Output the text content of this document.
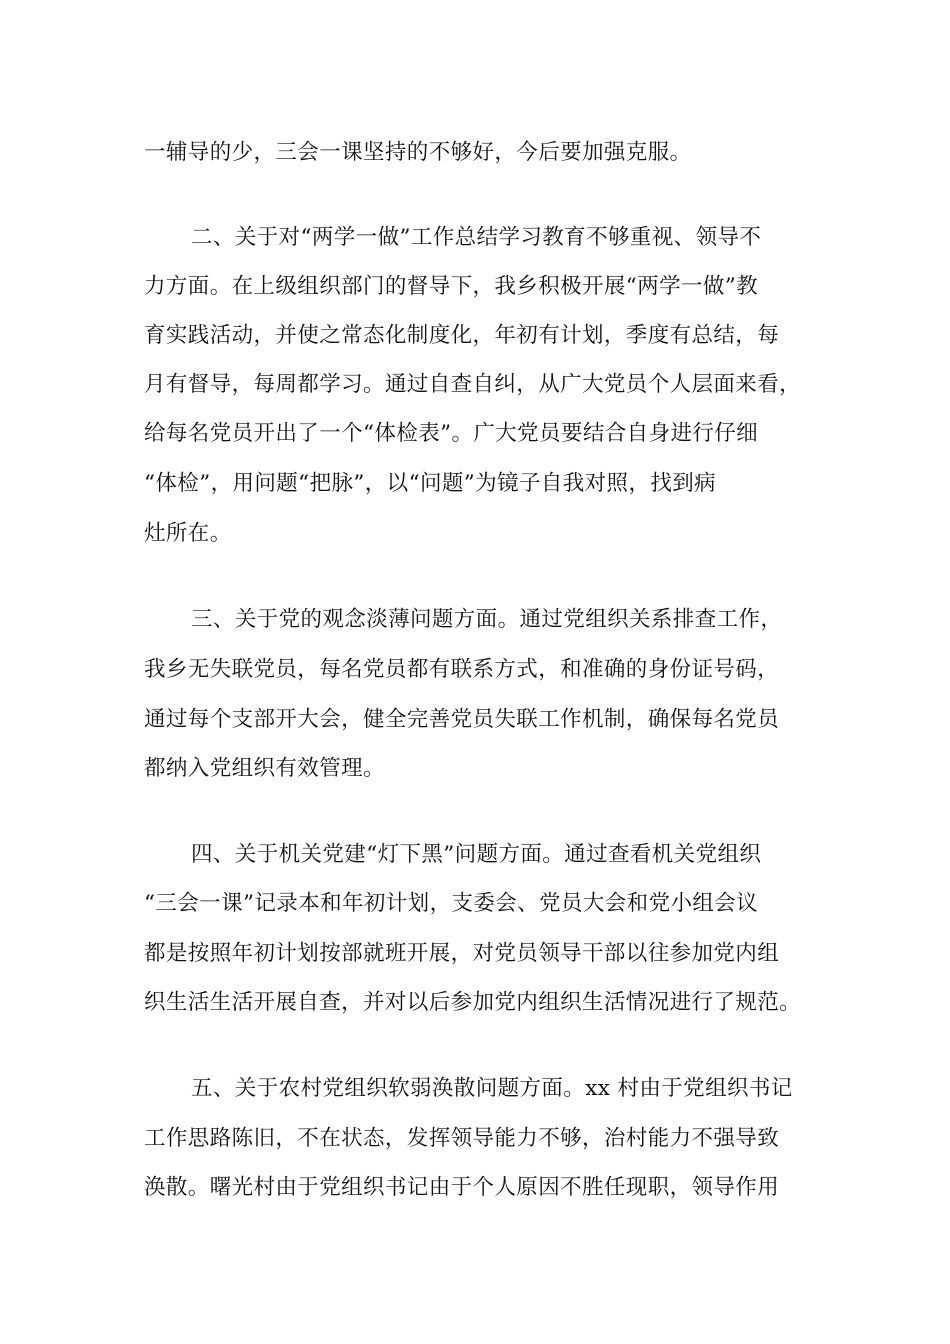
一辅导的少，三会一课坚持的不够好，今后要加强克服。
二、关于对“两学一做”工作总结学习教育不够重视、领导不
力方面。在上级组织部门的督导下，我乡积极开展“两学一做”教
育实践活动，并使之常态化制度化，年初有计划，季度有总结，每
月有督导，每周都学习。通过自查自纠，从广大党员个人层面来看，
给每名党员开出了一个“体检表”。广大党员要结合自身进行仔细
“体检”，用问题“把脉”，以“问题”为镜子自我对照，找到病
灶所在。
三、关于党的观念淡薄问题方面。通过党组织关系排查工作，
我乡无失联党员，每名党员都有联系方式，和准确的身份证号码，
通过每个支部开大会，健全完善党员失联工作机制，确保每名党员
都纳入党组织有效管理。
四、关于机关党建“灯下黑”问题方面。通过查看机关党组织
“三会一课”记录本和年初计划，支委会、党员大会和党小组会议
都是按照年初计划按部就班开展，对党员领导干部以往参加党内组
织生活生活开展自查，并对以后参加党内组织生活情况进行了规范。
五、关于农村党组织软弱涣散问题方面。xx 村由于党组织书记
工作思路陈旧，不在状态，发挥领导能力不够，治村能力不强导致
涣散。曙光村由于党组织书记由于个人原因不胜任现职，领导作用
